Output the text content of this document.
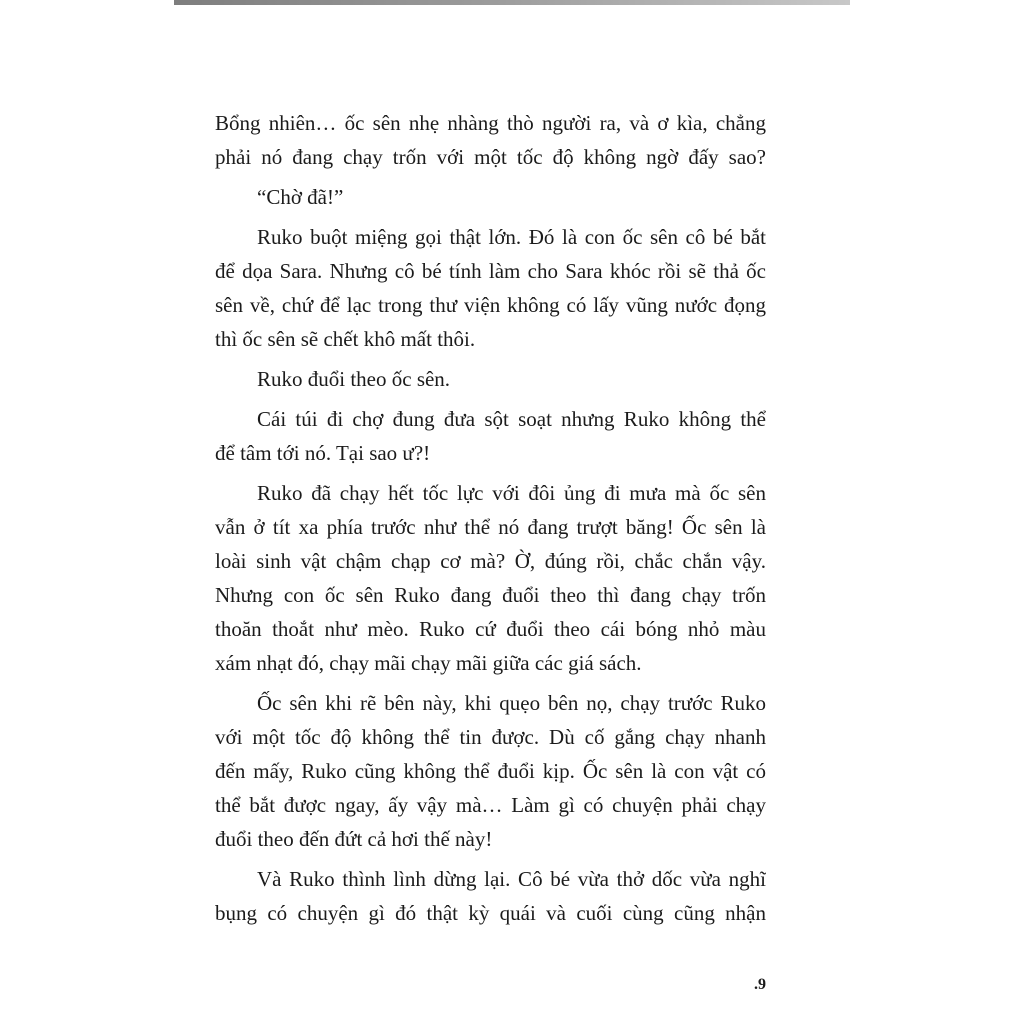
Bổng nhiên… ốc sên nhẹ nhàng thò người ra, và ơ kìa, chẳng
phải nó đang chạy trốn với một tốc độ không ngờ đấy sao?
“Chờ đã!”
Ruko buột miệng gọi thật lớn. Đó là con ốc sên cô bé bắt
để dọa Sara. Nhưng cô bé tính làm cho Sara khóc rồi sẽ thả ốc
sên về, chứ để lạc trong thư viện không có lấy vũng nước đọng
thì ốc sên sẽ chết khô mất thôi.
Ruko đuổi theo ốc sên.
Cái túi đi chợ đung đưa sột soạt nhưng Ruko không thể
để tâm tới nó. Tại sao ư?!
Ruko đã chạy hết tốc lực với đôi ủng đi mưa mà ốc sên
vẫn ở tít xa phía trước như thể nó đang trượt băng! Ốc sên là
loài sinh vật chậm chạp cơ mà? Ờ, đúng rồi, chắc chắn vậy.
Nhưng con ốc sên Ruko đang đuổi theo thì đang chạy trốn
thoăn thoắt như mèo. Ruko cứ đuổi theo cái bóng nhỏ màu
xám nhạt đó, chạy mãi chạy mãi giữa các giá sách.
Ốc sên khi rẽ bên này, khi quẹo bên nọ, chạy trước Ruko
với một tốc độ không thể tin được. Dù cố gắng chạy nhanh
đến mấy, Ruko cũng không thể đuổi kịp. Ốc sên là con vật có
thể bắt được ngay, ấy vậy mà… Làm gì có chuyện phải chạy
đuổi theo đến đứt cả hơi thế này!
Và Ruko thình lình dừng lại. Cô bé vừa thở dốc vừa nghĩ
bụng có chuyện gì đó thật kỳ quái và cuối cùng cũng nhận
.9
